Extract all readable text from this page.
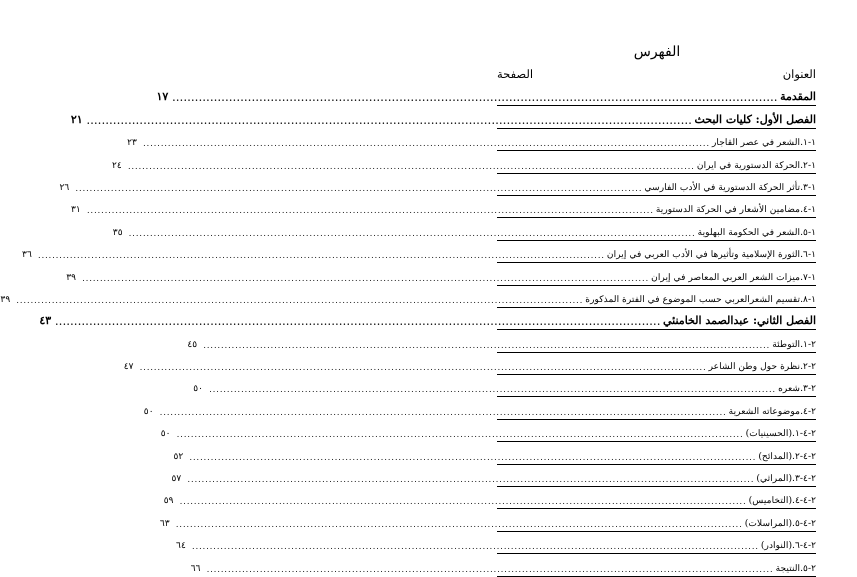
الفهرس
العنوان
الصفحة
المقدمة
................................................................................................................................................................
١٧
الفصل الأول: كليات البحث
................................................................................................................................................................
٢١
١-١.الشعر في عصر القاجار
................................................................................................................................................................
٢٣
١-٢.الحركة الدستورية في ايران
................................................................................................................................................................
٢٤
١-٣.تأثر الحركة الدستورية في الأدب الفارسي
................................................................................................................................................................
٢٦
١-٤.مضامين الأشعار في الحركة الدستورية
................................................................................................................................................................
٣١
١-٥.الشعر في الحكومة البهلوية
................................................................................................................................................................
٣٥
١-٦.الثورة الإسلامية وتأثيرها في الأدب العربي في إيران
................................................................................................................................................................
٣٦
١-٧.ميزات الشعر العربي المعاصر في إيران
................................................................................................................................................................
٣٩
١-٨.تقسيم الشعرالعربي حسب الموضوع في الفترة المذكورة
................................................................................................................................................................
٣٩
الفصل الثاني: عبدالصمد الخامنئي
................................................................................................................................................................
٤٣
٢-١.التوطئة
................................................................................................................................................................
٤٥
٢-٢.نظرة حول وطن الشاعر
................................................................................................................................................................
٤٧
٢-٣.شعره
................................................................................................................................................................
٥٠
٢-٤.موضوعاته الشعرية
................................................................................................................................................................
٥٠
٢-٤-١.(الحسينيات)
................................................................................................................................................................
٥٠
٢-٤-٢.(المدائح)
................................................................................................................................................................
٥٢
٢-٤-٣.(المراثي)
................................................................................................................................................................
٥٧
٢-٤-٤.(التخاميس)
................................................................................................................................................................
٥٩
٢-٤-٥.(المراسلات)
................................................................................................................................................................
٦٣
٢-٤-٦.(النوادر)
................................................................................................................................................................
٦٤
٢-٥.النتيجة
................................................................................................................................................................
٦٦
